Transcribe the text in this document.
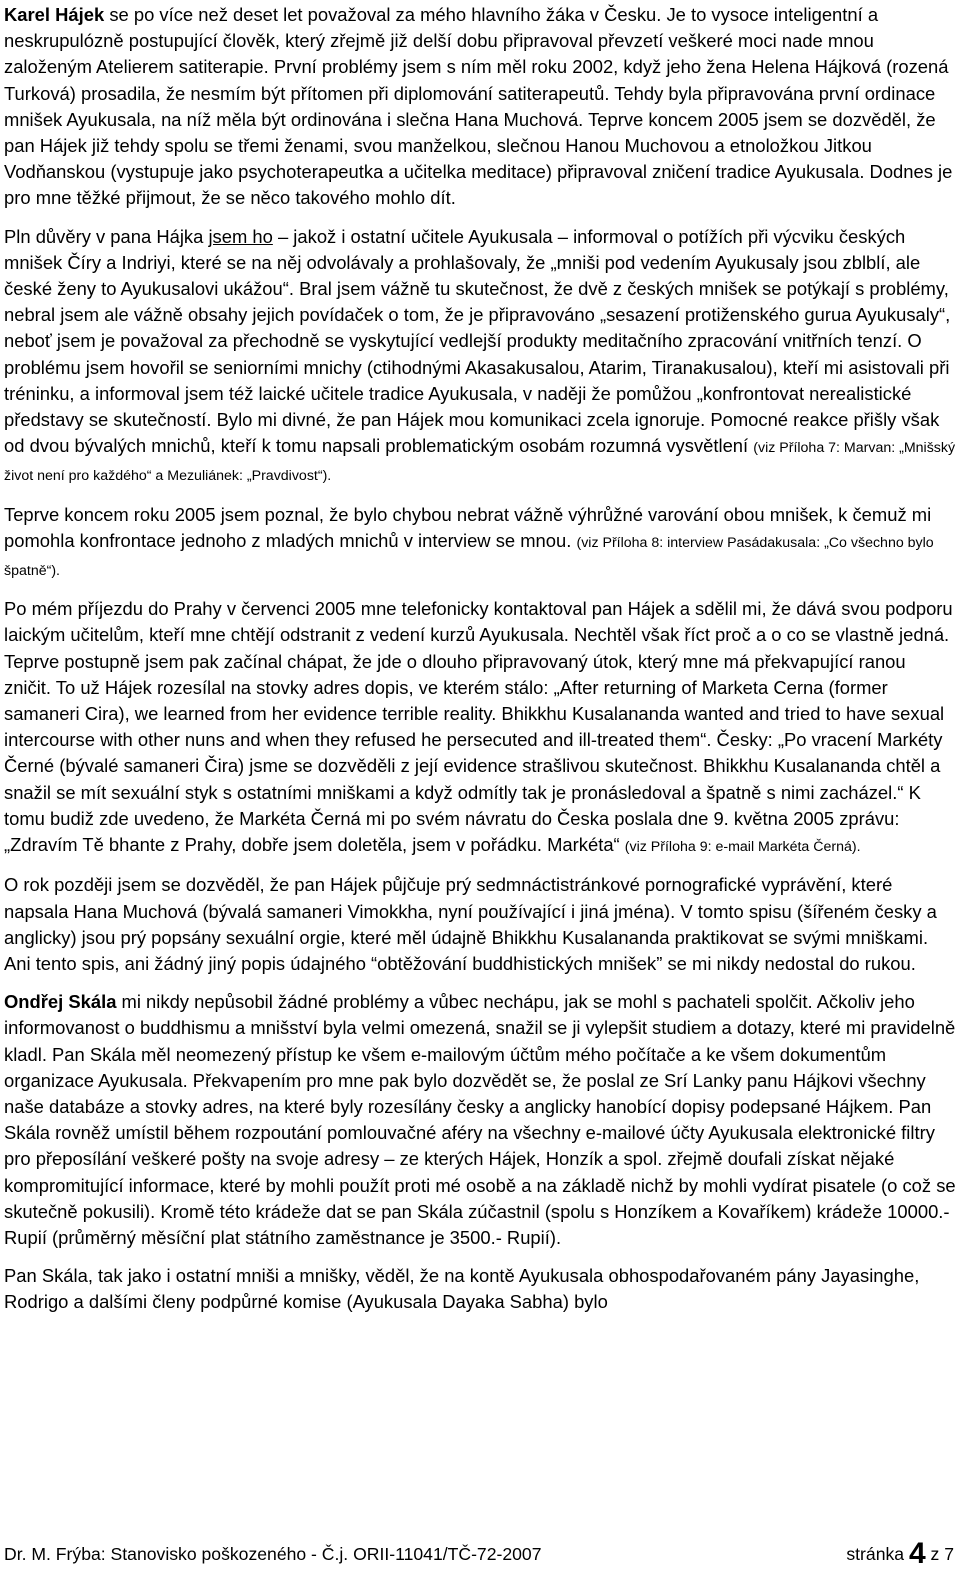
Karel Hájek se po více než deset let považoval za mého hlavního žáka v Česku. Je to vysoce inteligentní a neskrupulózně postupující člověk, který zřejmě již delší dobu připravoval převzetí veškeré moci nade mnou založeným Atelierem satiterapie. První problémy jsem s ním měl roku 2002, když jeho žena Helena Hájková (rozená Turková) prosadila, že nesmím být přítomen při diplomování satiterapeutů. Tehdy byla připravována první ordinace mnišek Ayukusala, na níž měla být ordinována i slečna Hana Muchová. Teprve koncem 2005 jsem se dozvěděl, že pan Hájek již tehdy spolu se třemi ženami, svou manželkou, slečnou Hanou Muchovou a etnoložkou Jitkou Vodňanskou (vystupuje jako psychoterapeutka a učitelka meditace) připravoval zničení tradice Ayukusala. Dodnes je pro mne těžké přijmout, že se něco takového mohlo dít.

Pln důvěry v pana Hájka jsem ho – jakož i ostatní učitele Ayukusala – informoval o potížích při výcviku českých mnišek Číry a Indriyi, které se na něj odvolávaly a prohlašovaly, že „mniši pod vedením Ayukusaly jsou zblblí, ale české ženy to Ayukusalovi ukážou“. Bral jsem vážně tu skutečnost, že dvě z českých mnišek se potýkají s problémy, nebral jsem ale vážně obsahy jejich povídaček o tom, že je připravováno „sesazení protiženského gurua Ayukusaly“, neboť jsem je považoval za přechodně se vyskytující vedlejší produkty meditačního zpracování vnitřních tenzí. O problému jsem hovořil se seniorními mnichy (ctihodnými Akasakusalou, Atarim, Tiranakusalou), kteří mi asistovali při tréninku, a informoval jsem též laické učitele tradice Ayukusala, v naději že pomůžou „konfrontovat nerealistické představy se skutečností. Bylo mi divné, že pan Hájek mou komunikaci zcela ignoruje. Pomocné reakce přišly však od dvou bývalých mnichů, kteří k tomu napsali problematickým osobám rozumná vysvětlení (viz Příloha 7: Marvan: „Mnišský život není pro každého“ a Mezuliánek: „Pravdivost“).

Teprve koncem roku 2005 jsem poznal, že bylo chybou nebrat vážně výhrůžné varování obou mnišek, k čemuž mi pomohla konfrontace jednoho z mladých mnichů v interview se mnou. (viz Příloha 8: interview Pasádakusala: „Co všechno bylo špatně“).

Po mém příjezdu do Prahy v červenci 2005 mne telefonicky kontaktoval pan Hájek a sdělil mi, že dává svou podporu laickým učitelům, kteří mne chtějí odstranit z vedení kurzů Ayukusala. Nechtěl však říct proč a o co se vlastně jedná. Teprve postupně jsem pak začínal chápat, že jde o dlouho připravovaný útok, který mne má překvapující ranou zničit. To už Hájek rozesílal na stovky adres dopis, ve kterém stálo: „After returning of Marketa Cerna (former samaneri Cira), we learned from her evidence terrible reality. Bhikkhu Kusalananda wanted and tried to have sexual intercourse with other nuns and when they refused he persecuted and ill-treated them“. Česky: „Po vracení Markéty Černé (bývalé samaneri Čira) jsme se dozvěděli z její evidence strašlivou skutečnost. Bhikkhu Kusalananda chtěl a snažil se mít sexuální styk s ostatními mniškami a když odmítly tak je pronásledoval a špatně s nimi zacházel.“ K tomu budiž zde uvedeno, že Markéta Černá mi po svém návratu do Česka poslala dne 9. května 2005 zprávu: „Zdravím Tě bhante z Prahy, dobře jsem doletěla, jsem v pořádku. Markéta“ (viz Příloha 9: e-mail Markéta Černá).

O rok později jsem se dozvěděl, že pan Hájek půjčuje prý sedmnáctistránkové pornografické vyprávění, které napsala Hana Muchová (bývalá samaneri Vimokkha, nyní používající i jiná jména). V tomto spisu (šířeném česky a anglicky) jsou prý popsány sexuální orgie, které měl údajně Bhikkhu Kusalananda praktikovat se svými mniškami. Ani tento spis, ani žádný jiný popis údajného “obtěžování buddhistických mnišek” se mi nikdy nedostal do rukou.

Ondřej Skála mi nikdy nepůsobil žádné problémy a vůbec nechápu, jak se mohl s pachateli spolčit. Ačkoliv jeho informovanost o buddhismu a mnišství byla velmi omezená, snažil se ji vylepšit studiem a dotazy, které mi pravidelně kladl. Pan Skála měl neomezený přístup ke všem e-mailovým účtům mého počítače a ke všem dokumentům organizace Ayukusala. Překvapením pro mne pak bylo dozvědět se, že poslal ze Srí Lanky panu Hájkovi všechny naše databáze a stovky adres, na které byly rozesílány česky a anglicky hanobící dopisy podepsané Hájkem. Pan Skála rovněž umístil během rozpoutání pomlouvačné aféry na všechny e-mailové účty Ayukusala elektronické filtry pro přeposílání veškeré pošty na svoje adresy – ze kterých Hájek, Honzík a spol. zřejmě doufali získat nějaké kompromitující informace, které by mohli použít proti mé osobě a na základě nichž by mohli vydírat pisatele (o což se skutečně pokusili). Kromě této krádeže dat se pan Skála zúčastnil (spolu s Honzíkem a Kovaříkem) krádeže 10000.- Rupií (průměrný měsíční plat státního zaměstnance je 3500.- Rupií).

Pan Skála, tak jako i ostatní mniši a mnišky, věděl, že na kontě Ayukusala obhospodařovaném pány Jayasinghe, Rodrigo a dalšími členy podpůrné komise (Ayukusala Dayaka Sabha) bylo

Dr. M. Frýba: Stanovisko poškozeného - Č.j. ORII-11041/TČ-72-2007	stránka 4 z 7
